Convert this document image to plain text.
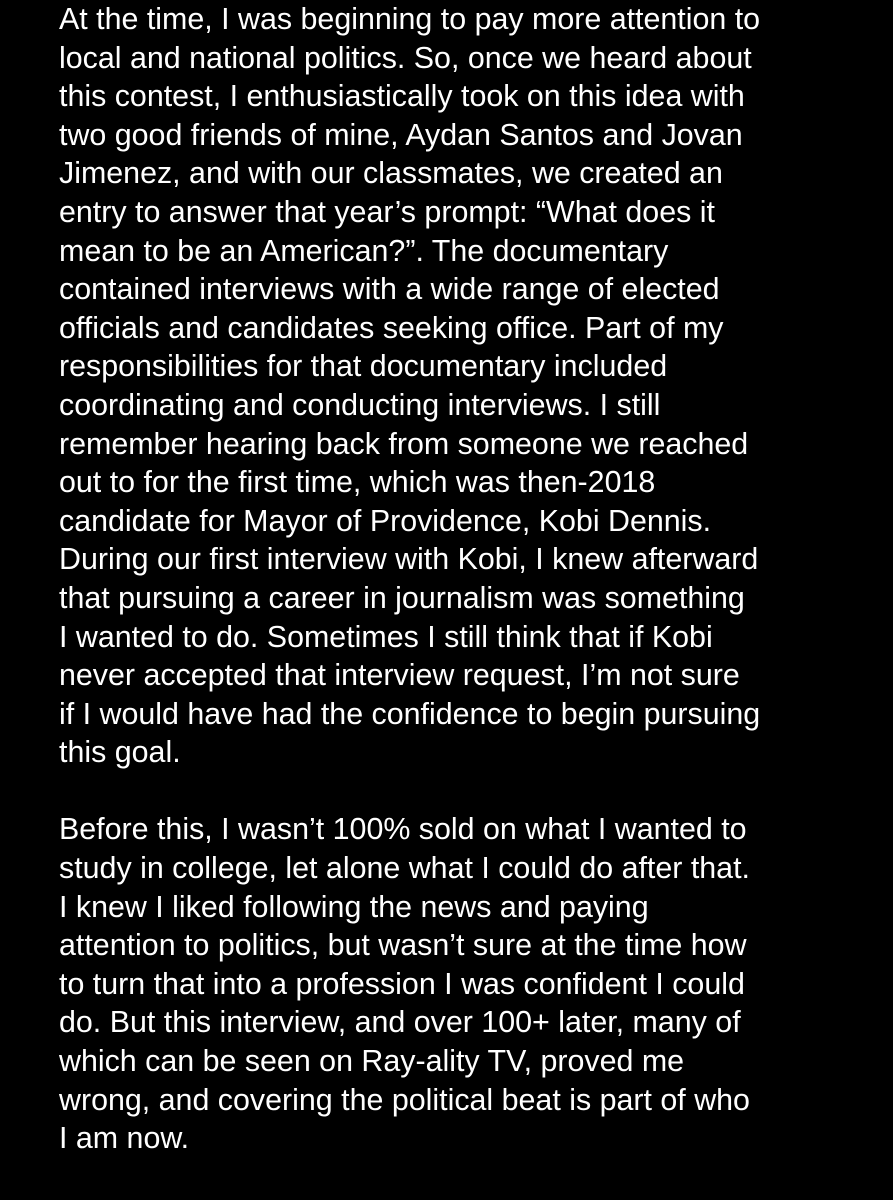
At the time, I was beginning to pay more attention to
local and national politics. So, once we heard about
this contest, I enthusiastically took on this idea with
two good friends of mine, Aydan Santos and Jovan
Jimenez, and with our classmates, we created an
entry to answer that year’s prompt: “What does it
mean to be an American?”. The documentary
contained interviews with a wide range of elected
officials and candidates seeking office. Part of my
responsibilities for that documentary included
coordinating and conducting interviews. I still
remember hearing back from someone we reached
out to for the first time, which was then-2018
candidate for Mayor of Providence, Kobi Dennis.
During our first interview with Kobi, I knew afterward
that pursuing a career in journalism was something
I wanted to do. Sometimes I still think that if Kobi
never accepted that interview request, I’m not sure
if I would have had the confidence to begin pursuing
this goal.
Before this, I wasn’t 100% sold on what I wanted to
study in college, let alone what I could do after that.
I knew I liked following the news and paying
attention to politics, but wasn’t sure at the time how
to turn that into a profession I was confident I could
do. But this interview, and over 100+ later, many of
which can be seen on Ray-ality TV, proved me
wrong, and covering the political beat is part of who
I am now.
